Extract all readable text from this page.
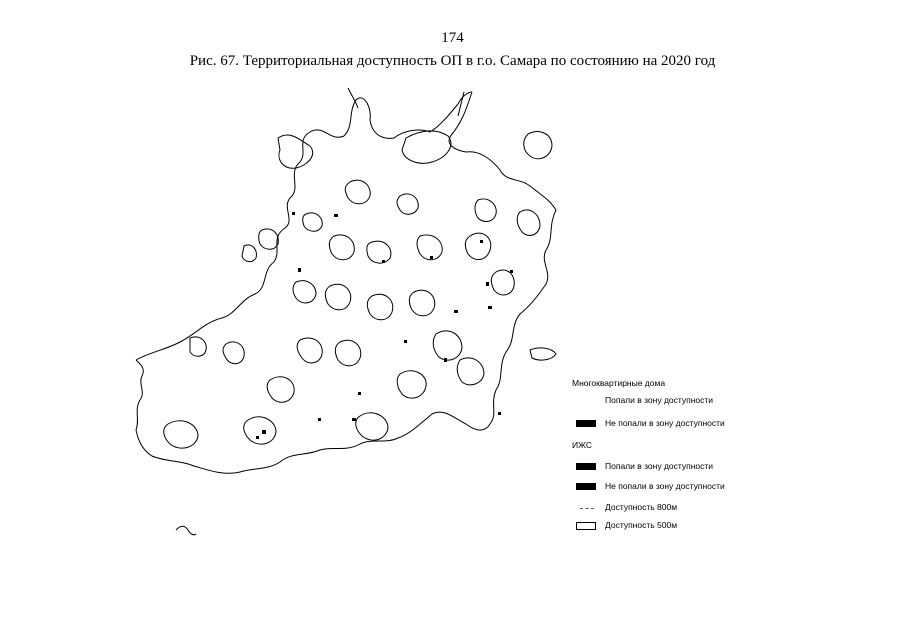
174
Рис. 67. Территориальная доступность ОП в г.о. Самара по состоянию на 2020 год
Многоквартирные дома
Попали в зону доступности
Не попали в зону доступности
ИЖС
Попали в зону доступности
Не попали в зону доступности
Доступность 800м
Доступность 500м
